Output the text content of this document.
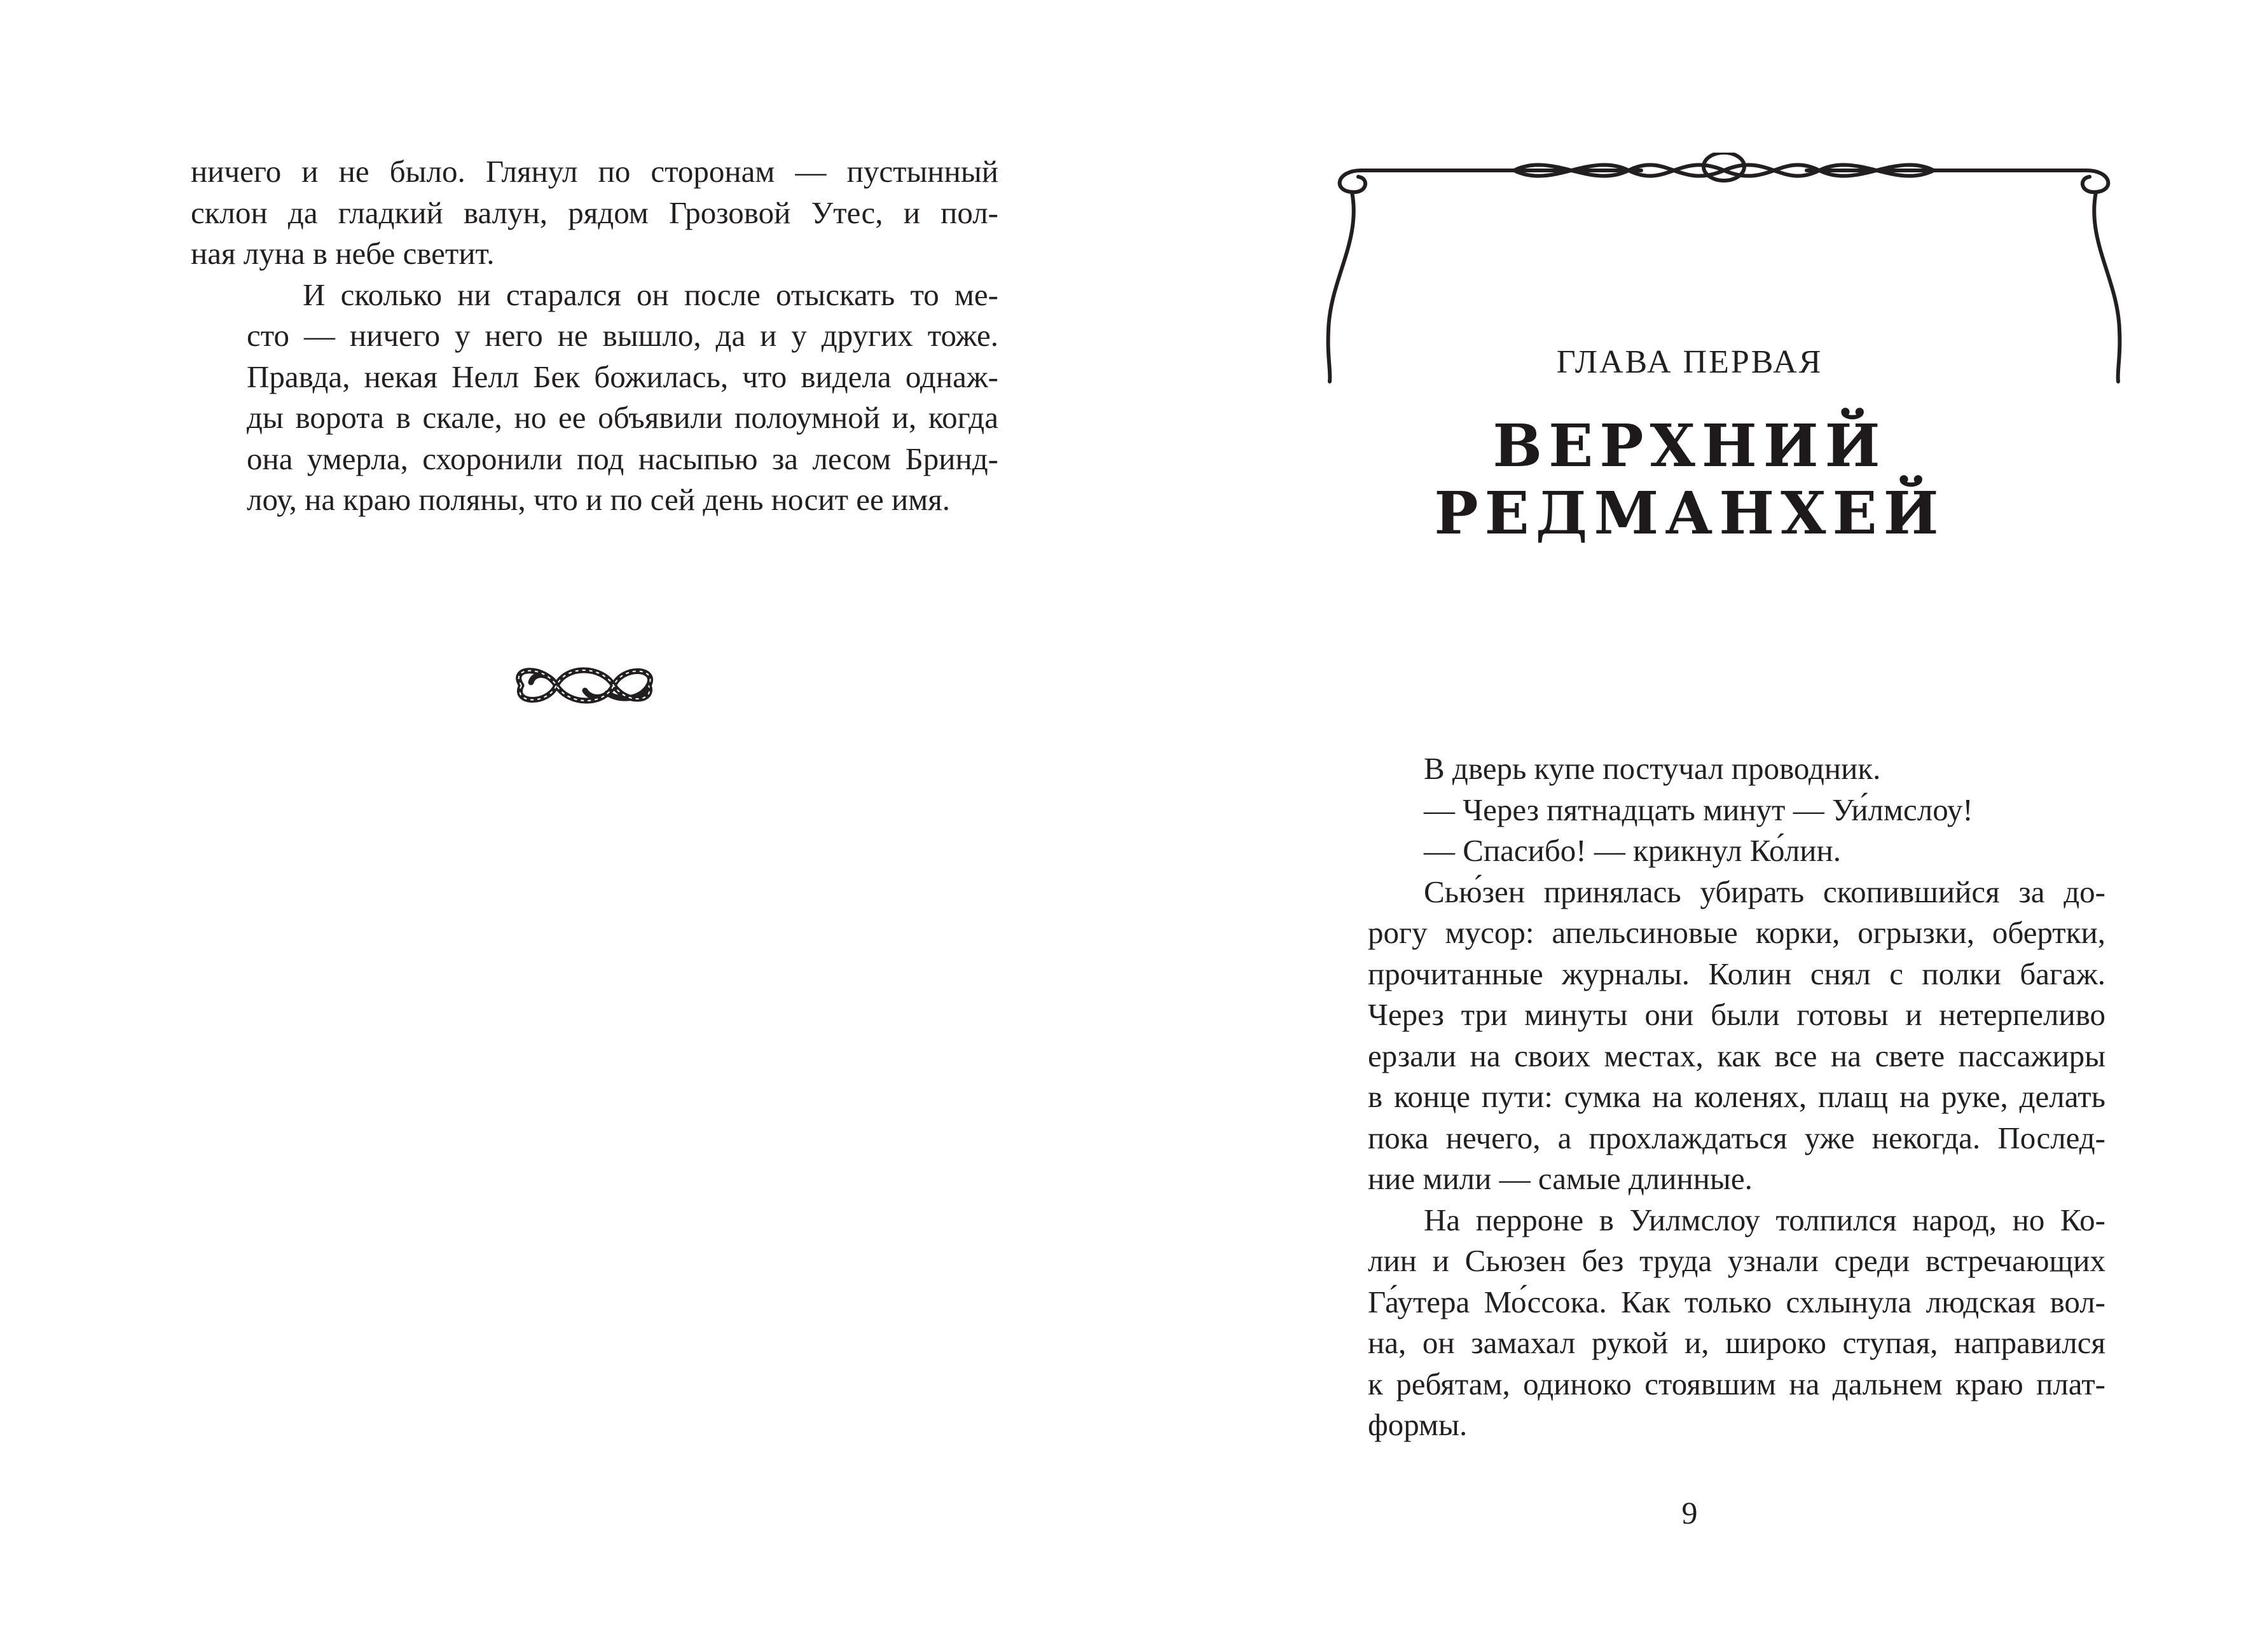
ничего и не было. Глянул по сторонам — пустынный
склон да гладкий валун, рядом Грозовой Утес, и пол-
ная луна в небе светит.

И сколько ни старался он после отыскать то ме-
сто — ничего у него не вышло, да и у других тоже.
Правда, некая Нелл Бек божилась, что видела однаж-
ды ворота в скале, но ее объявили полоумной и, когда
она умерла, схоронили под насыпью за лесом Бринд-
лоу, на краю поляны, что и по сей день носит ее имя.

ГЛАВА ПЕРВАЯ
ВЕРХНИЙ
РЕДМАНХЕЙ

В дверь купе постучал проводник.

— Через пятнадцать минут — Уи́лмслоу!

— Спасибо! — крикнул Ко́лин.

Сью́зен принялась убирать скопившийся за до-
рогу мусор: апельсиновые корки, огрызки, обертки,
прочитанные журналы. Колин снял с полки багаж.
Через три минуты они были готовы и нетерпеливо
ерзали на своих местах, как все на свете пассажиры
в конце пути: сумка на коленях, плащ на руке, делать
пока нечего, а прохлаждаться уже некогда. Послед-
ние мили — самые длинные.

На перроне в Уилмслоу толпился народ, но Ко-
лин и Сьюзен без труда узнали среди встречающих
Га́утера Мо́ссока. Как только схлынула людская вол-
на, он замахал рукой и, широко ступая, направился
к ребятам, одиноко стоявшим на дальнем краю плат-
формы.

9
